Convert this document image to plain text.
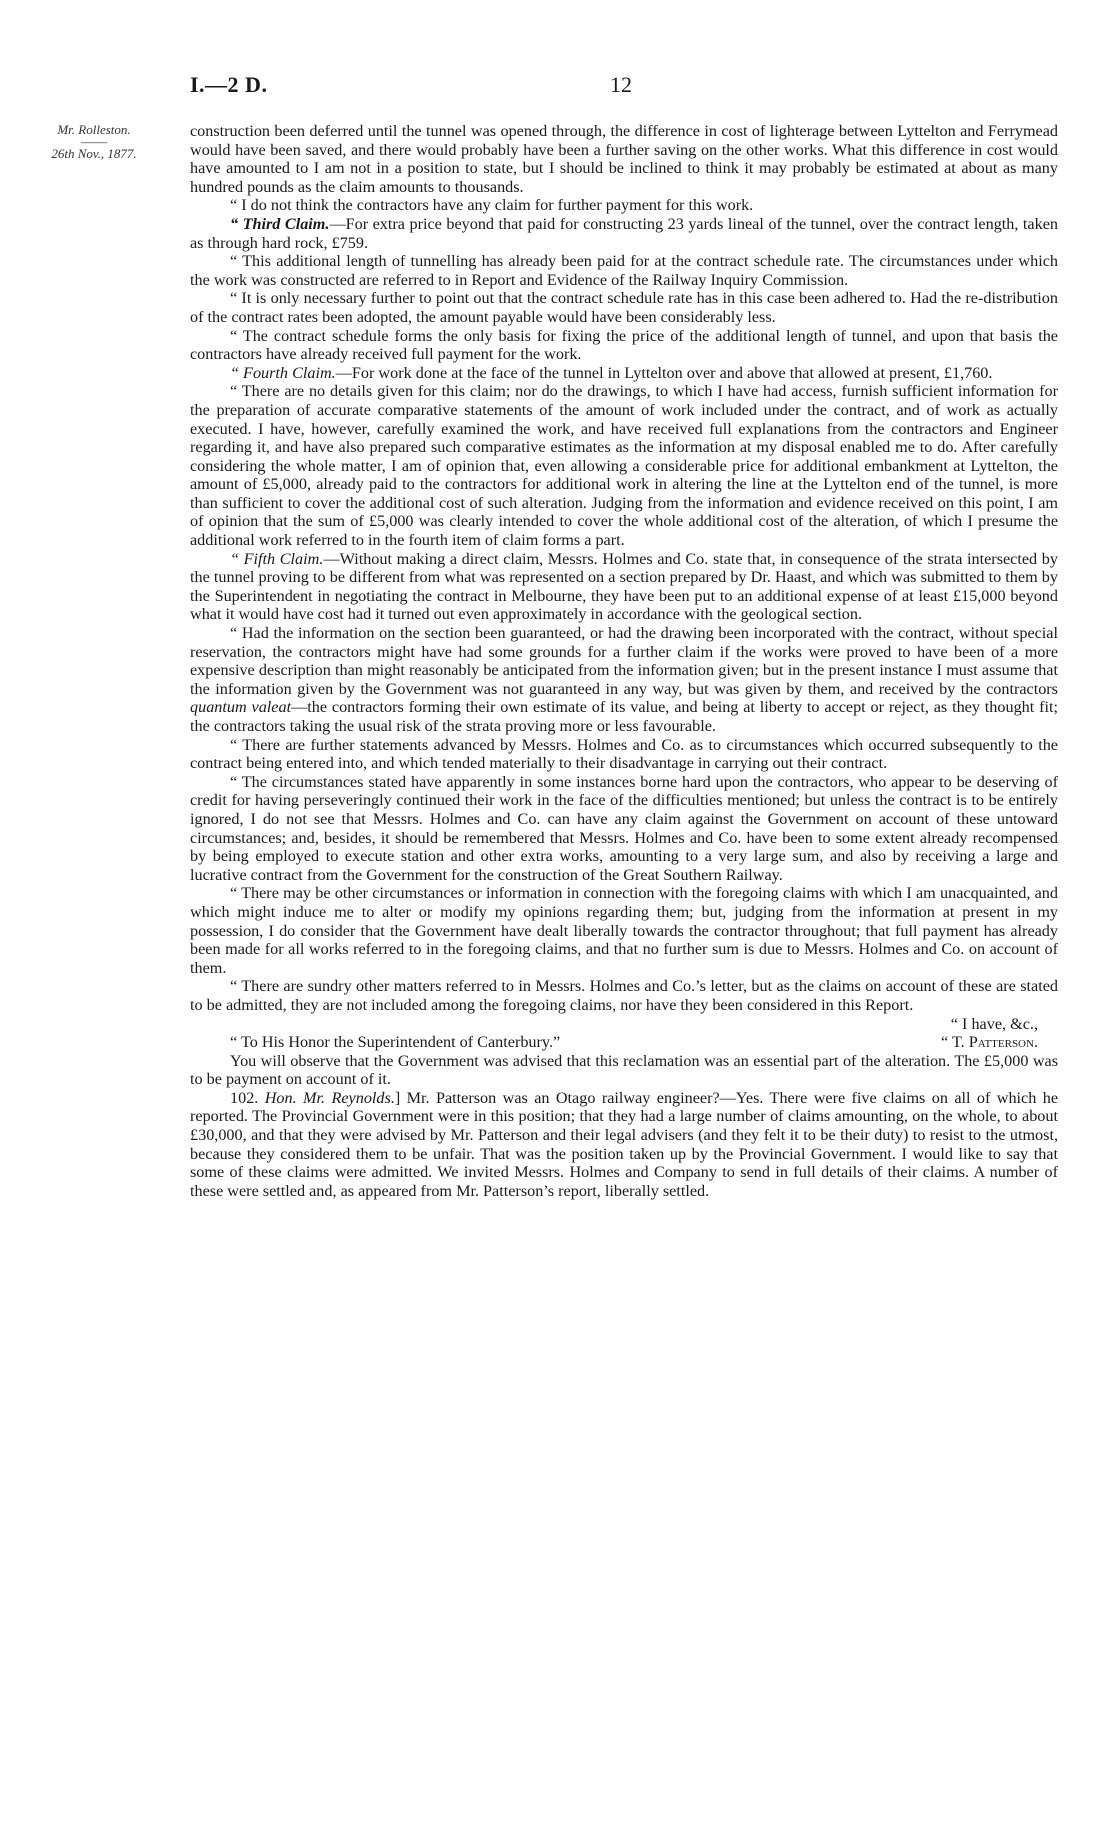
I.—2 D.	12
Mr. Rolleston.
——
26th Nov., 1877.

construction been deferred until the tunnel was opened through, the difference in cost of lighterage between Lyttelton and Ferrymead would have been saved, and there would probably have been a further saving on the other works. What this difference in cost would have amounted to I am not in a position to state, but I should be inclined to think it may probably be estimated at about as many hundred pounds as the claim amounts to thousands.

“ I do not think the contractors have any claim for further payment for this work.

“ Third Claim.—For extra price beyond that paid for constructing 23 yards lineal of the tunnel, over the contract length, taken as through hard rock, £759.

“ This additional length of tunnelling has already been paid for at the contract schedule rate. The circumstances under which the work was constructed are referred to in Report and Evidence of the Railway Inquiry Commission.

“ It is only necessary further to point out that the contract schedule rate has in this case been adhered to. Had the re-distribution of the contract rates been adopted, the amount payable would have been considerably less.

“ The contract schedule forms the only basis for fixing the price of the additional length of tunnel, and upon that basis the contractors have already received full payment for the work.

“ Fourth Claim.—For work done at the face of the tunnel in Lyttelton over and above that allowed at present, £1,760.

“ There are no details given for this claim; nor do the drawings, to which I have had access, furnish sufficient information for the preparation of accurate comparative statements of the amount of work included under the contract, and of work as actually executed. I have, however, carefully examined the work, and have received full explanations from the contractors and Engineer regarding it, and have also prepared such comparative estimates as the information at my disposal enabled me to do. After carefully considering the whole matter, I am of opinion that, even allowing a considerable price for additional embankment at Lyttelton, the amount of £5,000, already paid to the contractors for additional work in altering the line at the Lyttelton end of the tunnel, is more than sufficient to cover the additional cost of such alteration. Judging from the information and evidence received on this point, I am of opinion that the sum of £5,000 was clearly intended to cover the whole additional cost of the alteration, of which I presume the additional work referred to in the fourth item of claim forms a part.

“ Fifth Claim.—Without making a direct claim, Messrs. Holmes and Co. state that, in consequence of the strata intersected by the tunnel proving to be different from what was represented on a section prepared by Dr. Haast, and which was submitted to them by the Superintendent in negotiating the contract in Melbourne, they have been put to an additional expense of at least £15,000 beyond what it would have cost had it turned out even approximately in accordance with the geological section.

“ Had the information on the section been guaranteed, or had the drawing been incorporated with the contract, without special reservation, the contractors might have had some grounds for a further claim if the works were proved to have been of a more expensive description than might reasonably be anticipated from the information given; but in the present instance I must assume that the information given by the Government was not guaranteed in any way, but was given by them, and received by the contractors quantum valeat—the contractors forming their own estimate of its value, and being at liberty to accept or reject, as they thought fit; the contractors taking the usual risk of the strata proving more or less favourable.

“ There are further statements advanced by Messrs. Holmes and Co. as to circumstances which occurred subsequently to the contract being entered into, and which tended materially to their disadvantage in carrying out their contract.

“ The circumstances stated have apparently in some instances borne hard upon the contractors, who appear to be deserving of credit for having perseveringly continued their work in the face of the difficulties mentioned; but unless the contract is to be entirely ignored, I do not see that Messrs. Holmes and Co. can have any claim against the Government on account of these untoward circumstances; and, besides, it should be remembered that Messrs. Holmes and Co. have been to some extent already recompensed by being employed to execute station and other extra works, amounting to a very large sum, and also by receiving a large and lucrative contract from the Government for the construction of the Great Southern Railway.

“ There may be other circumstances or information in connection with the foregoing claims with which I am unacquainted, and which might induce me to alter or modify my opinions regarding them; but, judging from the information at present in my possession, I do consider that the Government have dealt liberally towards the contractor throughout; that full payment has already been made for all works referred to in the foregoing claims, and that no further sum is due to Messrs. Holmes and Co. on account of them.

“ There are sundry other matters referred to in Messrs. Holmes and Co.’s letter, but as the claims on account of these are stated to be admitted, they are not included among the foregoing claims, nor have they been considered in this Report.

“ I have, &c.,

“ To His Honor the Superintendent of Canterbury.”	“ T. Patterson.

You will observe that the Government was advised that this reclamation was an essential part of the alteration. The £5,000 was to be payment on account of it.

102. Hon. Mr. Reynolds.] Mr. Patterson was an Otago railway engineer?—Yes. There were five claims on all of which he reported. The Provincial Government were in this position; that they had a large number of claims amounting, on the whole, to about £30,000, and that they were advised by Mr. Patterson and their legal advisers (and they felt it to be their duty) to resist to the utmost, because they considered them to be unfair. That was the position taken up by the Provincial Government. I would like to say that some of these claims were admitted. We invited Messrs. Holmes and Company to send in full details of their claims. A number of these were settled and, as appeared from Mr. Patterson’s report, liberally settled.
